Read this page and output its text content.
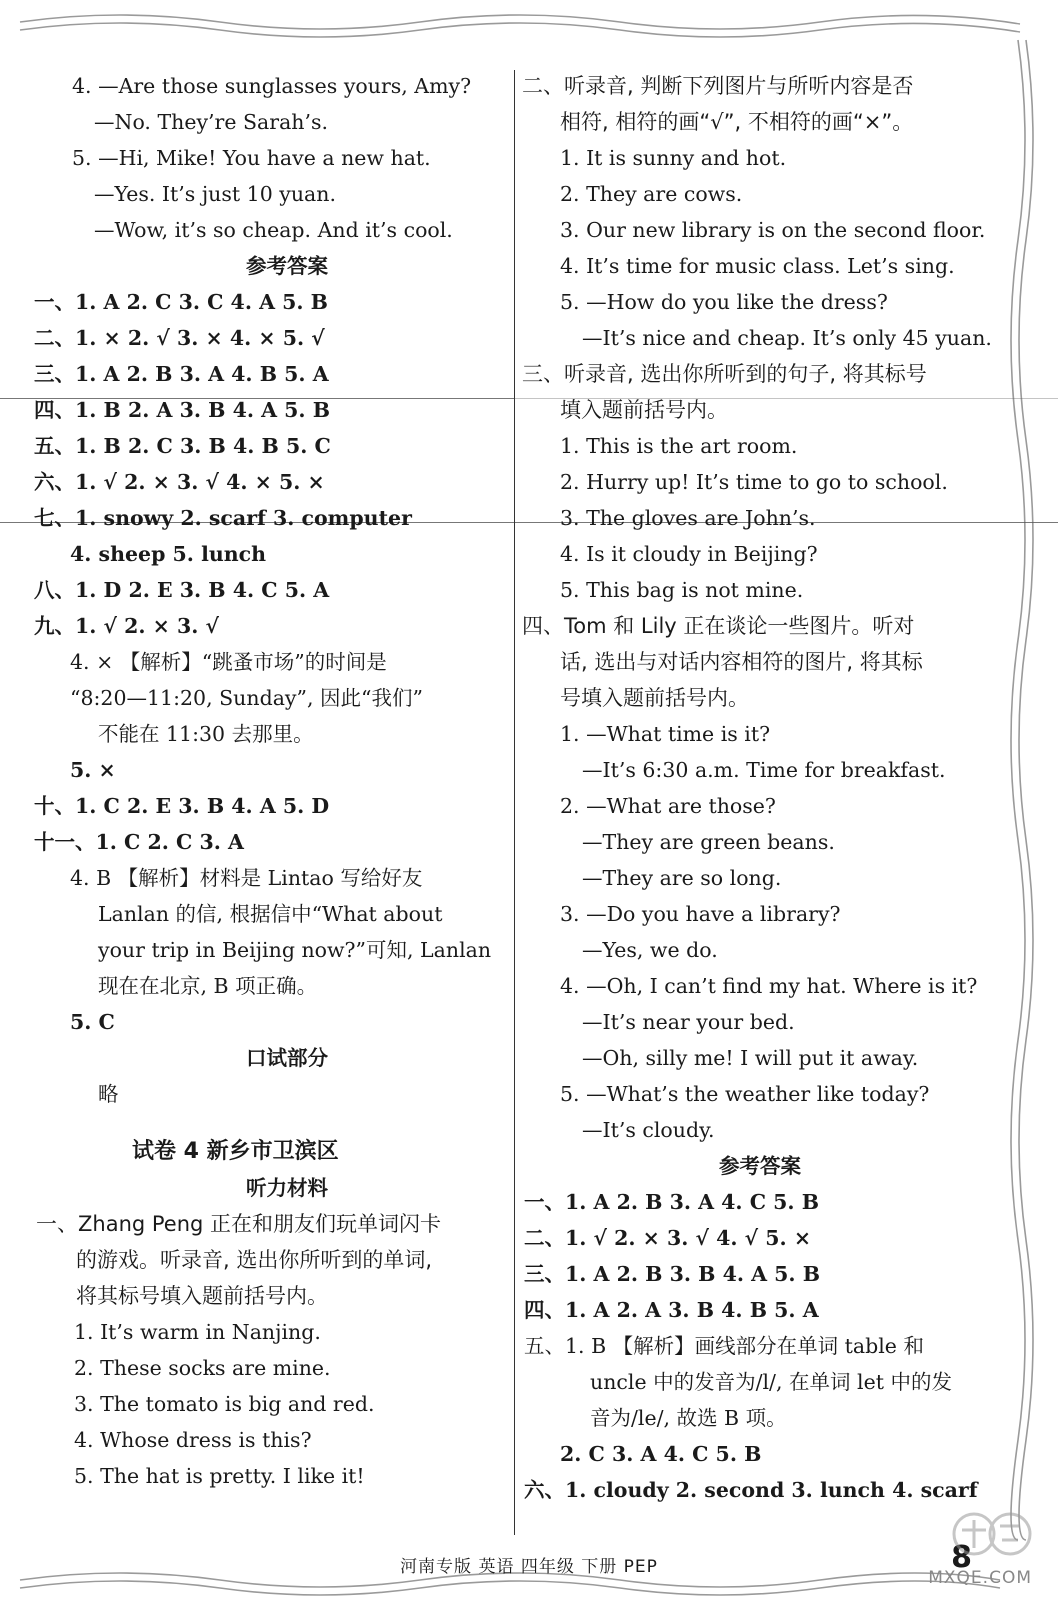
4. —Are those sunglasses yours, Amy?
—No. They’re Sarah’s.
5. —Hi, Mike! You have a new hat.
—Yes. It’s just 10 yuan.
—Wow, it’s so cheap. And it’s cool.
参考答案
一、1. A 2. C 3. C 4. A 5. B
二、1. × 2. √ 3. × 4. × 5. √
三、1. A 2. B 3. A 4. B 5. A
四、1. B 2. A 3. B 4. A 5. B
五、1. B 2. C 3. B 4. B 5. C
六、1. √ 2. × 3. √ 4. × 5. ×
七、1. snowy 2. scarf 3. computer
4. sheep 5. lunch
八、1. D 2. E 3. B 4. C 5. A
九、1. √ 2. × 3. √
4. × 【解析】“跳蚤市场”的时间是
“8:20—11:20, Sunday”, 因此“我们”
不能在 11:30 去那里。
5. ×
十、1. C 2. E 3. B 4. A 5. D
十一、1. C 2. C 3. A
4. B 【解析】材料是 Lintao 写给好友
Lanlan 的信, 根据信中“What about
your trip in Beijing now?”可知, Lanlan
现在在北京, B 项正确。
5. C
口试部分
略
试卷 4 新乡市卫滨区
听力材料
一、Zhang Peng 正在和朋友们玩单词闪卡
的游戏。听录音, 选出你所听到的单词,
将其标号填入题前括号内。
1. It’s warm in Nanjing.
2. These socks are mine.
3. The tomato is big and red.
4. Whose dress is this?
5. The hat is pretty. I like it!
二、听录音, 判断下列图片与所听内容是否
相符, 相符的画“√”, 不相符的画“×”。
1. It is sunny and hot.
2. They are cows.
3. Our new library is on the second floor.
4. It’s time for music class. Let’s sing.
5. —How do you like the dress?
—It’s nice and cheap. It’s only 45 yuan.
三、听录音, 选出你所听到的句子, 将其标号
填入题前括号内。
1. This is the art room.
2. Hurry up! It’s time to go to school.
3. The gloves are John’s.
4. Is it cloudy in Beijing?
5. This bag is not mine.
四、Tom 和 Lily 正在谈论一些图片。听对
话, 选出与对话内容相符的图片, 将其标
号填入题前括号内。
1. —What time is it?
—It’s 6:30 a.m. Time for breakfast.
2. —What are those?
—They are green beans.
—They are so long.
3. —Do you have a library?
—Yes, we do.
4. —Oh, I can’t find my hat. Where is it?
—It’s near your bed.
—Oh, silly me! I will put it away.
5. —What’s the weather like today?
—It’s cloudy.
参考答案
一、1. A 2. B 3. A 4. C 5. B
二、1. √ 2. × 3. √ 4. √ 5. ×
三、1. A 2. B 3. B 4. A 5. B
四、1. A 2. A 3. B 4. B 5. A
五、1. B 【解析】画线部分在单词 table 和
uncle 中的发音为/l/, 在单词 let 中的发
音为/le/, 故选 B 项。
2. C 3. A 4. C 5. B
六、1. cloudy 2. second 3. lunch 4. scarf
河南专版 英语 四年级 下册 PEP	8
MXQE.COM
